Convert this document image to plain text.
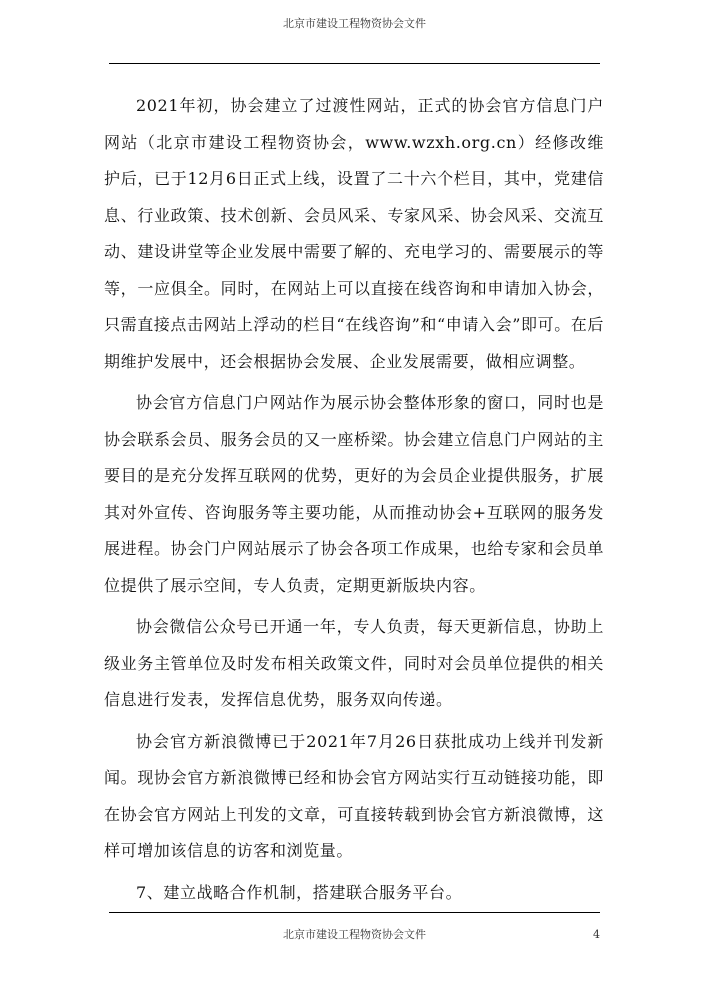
北京市建设工程物资协会文件

2021年初，协会建立了过渡性网站，正式的协会官方信息门户网站（北京市建设工程物资协会，www.wzxh.org.cn）经修改维护后，已于12月6日正式上线，设置了二十六个栏目，其中，党建信息、行业政策、技术创新、会员风采、专家风采、协会风采、交流互动、建设讲堂等企业发展中需要了解的、充电学习的、需要展示的等等，一应俱全。同时，在网站上可以直接在线咨询和申请加入协会，只需直接点击网站上浮动的栏目“在线咨询”和“申请入会”即可。在后期维护发展中，还会根据协会发展、企业发展需要，做相应调整。

协会官方信息门户网站作为展示协会整体形象的窗口，同时也是协会联系会员、服务会员的又一座桥梁。协会建立信息门户网站的主要目的是充分发挥互联网的优势，更好的为会员企业提供服务，扩展其对外宣传、咨询服务等主要功能，从而推动协会+互联网的服务发展进程。协会门户网站展示了协会各项工作成果，也给专家和会员单位提供了展示空间，专人负责，定期更新版块内容。

协会微信公众号已开通一年，专人负责，每天更新信息，协助上级业务主管单位及时发布相关政策文件，同时对会员单位提供的相关信息进行发表，发挥信息优势，服务双向传递。

协会官方新浪微博已于2021年7月26日获批成功上线并刊发新闻。现协会官方新浪微博已经和协会官方网站实行互动链接功能，即在协会官方网站上刊发的文章，可直接转载到协会官方新浪微博，这样可增加该信息的访客和浏览量。

7、建立战略合作机制，搭建联合服务平台。

北京市建设工程物资协会文件	4
